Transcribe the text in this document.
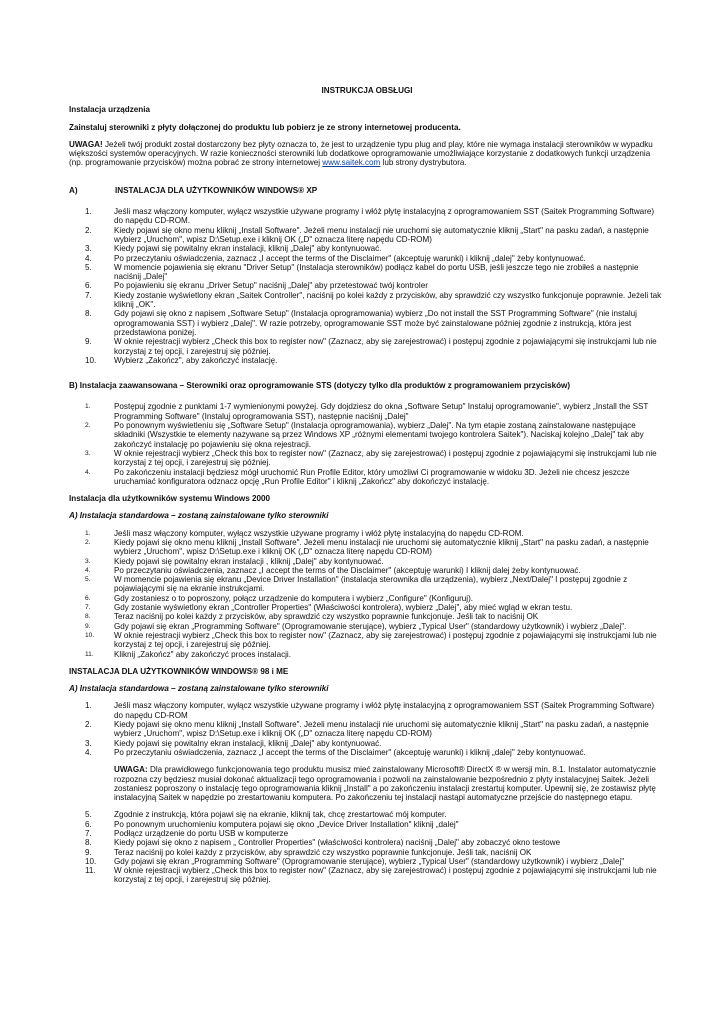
INSTRUKCJA OBSŁUGI
Instalacja urządzenia
Zainstaluj sterowniki z płyty dołączonej do produktu lub pobierz je ze strony internetowej producenta.
UWAGA! Jeżeli twój produkt został dostarczony bez płyty oznacza to, że jest to urządzenie typu plug and play, które nie wymaga instalacji sterowników w wypadku większości systemów operacyjnych. W razie konieczności sterowniki lub dodatkowe oprogramowanie umożliwiające korzystanie z dodatkowych funkcji urządzenia (np. programowanie przycisków) można pobrać ze strony internetowej www.saitek.com lub strony dystrybutora.
A)	INSTALACJA DLA UŻYTKOWNIKÓW WINDOWS® XP
1.	Jeśli masz włączony komputer, wyłącz wszystkie używane programy i włóż płytę instalacyjną z oprogramowaniem SST (Saitek Programming Software) do napędu CD-ROM.
2.	Kiedy pojawi się okno menu kliknij „Install Software". Jeżeli menu instalacji nie uruchomi się automatycznie kliknij „Start" na pasku zadań, a następnie wybierz „Uruchom", wpisz D:\Setup.exe i kliknij OK („D" oznacza literę napędu CD-ROM)
3.	Kiedy pojawi się powitalny ekran instalacji, kliknij „Dalej" aby kontynuować.
4.	Po przeczytaniu oświadczenia, zaznacz „I accept the terms of the Disclaimer" (akceptuję warunki) i kliknij „dalej" żeby kontynuować.
5.	W momencie pojawienia się ekranu "Driver Setup" (Instalacja sterowników) podłącz kabel do portu USB, jeśli jeszcze tego nie zrobiłeś a następnie naciśnij „Dalej"
6.	Po pojawieniu się ekranu „Driver Setup" naciśnij „Dalej" aby przetestować twój kontroler
7.	Kiedy zostanie wyświetlony ekran „Saitek Controller", naciśnij po kolei każdy z przycisków, aby sprawdzić czy wszystko funkcjonuje poprawnie. Jeżeli tak kliknij „OK".
8.	Gdy pojawi się okno z napisem „Software Setup" (Instalacja oprogramowania) wybierz „Do not install the SST Programming Software" (nie instaluj oprogramowania SST) i wybierz „Dalej". W razie potrzeby, oprogramowanie SST może być zainstalowane później zgodnie z instrukcją, która jest przedstawiona poniżej.
9.	W oknie rejestracji wybierz „Check this box to register now" (Zaznacz, aby się zarejestrować) i postępuj zgodnie z pojawiającymi się instrukcjami lub nie korzystaj z tej opcji, i zarejestruj się później.
10.	Wybierz „Zakończ", aby zakończyć instalację.
B) Instalacja zaawansowana – Sterowniki oraz oprogramowanie STS (dotyczy tylko dla produktów z programowaniem przycisków)
1.	Postępuj zgodnie z punktami 1-7 wymienionymi powyżej. Gdy dojdziesz do okna „Software Setup" Instaluj oprogramowanie", wybierz „Install the SST Programming Software" (Instaluj oprogramowania SST), następnie naciśnij „Dalej"
2.	Po ponownym wyświetleniu się „Software Setup" (Instalacja oprogramowania), wybierz „Dalej". Na tym etapie zostaną zainstalowane następujące składniki (Wszystkie te elementy nazywane są przez Windows XP „różnymi elementami twojego kontrolera Saitek"). Naciskaj kolejno „Dalej" tak aby zakończyć instalację po pojawieniu się okna rejestracji.
3.	W oknie rejestracji wybierz „Check this box to register now" (Zaznacz, aby się zarejestrować) i postępuj zgodnie z pojawiającymi się instrukcjami lub nie korzystaj z tej opcji, i zarejestruj się później.
4.	Po zakończeniu instalacji będziesz mógł uruchomić Run Profile Editor, który umożliwi Ci programowanie w widoku 3D. Jeżeli nie chcesz jeszcze uruchamiać konfiguratora odznacz opcję „Run Profile Editor" i kliknij „Zakończ" aby dokończyć instalację.
Instalacja dla użytkowników systemu Windows 2000
A) Instalacja standardowa – zostaną zainstalowane tylko sterowniki
1.	Jeśli masz włączony komputer, wyłącz wszystkie używane programy i włóż płytę instalacyjną do napędu CD-ROM.
2.	Kiedy pojawi się okno menu kliknij „Install Software". Jeżeli menu instalacji nie uruchomi się automatycznie kliknij „Start" na pasku zadań, a następnie wybierz „Uruchom", wpisz D:\Setup.exe i kliknij OK („D" oznacza literę napędu CD-ROM)
3.	Kiedy pojawi się powitalny ekran instalacji , kliknij „Dalej" aby kontynuować.
4.	Po przeczytaniu oświadczenia, zaznacz „I accept the terms of the Disclaimer" (akceptuję warunki) I kliknij dalej żeby kontynuować.
5.	W momencie pojawienia się ekranu „Device Driver Installation" (instalacja sterownika dla urządzenia), wybierz „Next/Dalej" I postępuj zgodnie z pojawiającymi się na ekranie instrukcjami.
6.	Gdy zostaniesz o to poproszony, połącz urządzenie do komputera i wybierz „Configure" (Konfiguruj).
7.	Gdy zostanie wyświetlony ekran „Controller Properties" (Właściwości kontrolera), wybierz „Dalej", aby mieć wgląd w ekran testu.
8.	Teraz naciśnij po kolei każdy z przycisków, aby sprawdzić czy wszystko poprawnie funkcjonuje. Jeśli tak to naciśnij OK
9.	Gdy pojawi się ekran „Programming Software" (Oprogramowanie sterujące), wybierz „Typical User" (standardowy użytkownik) i wybierz „Dalej".
10.	W oknie rejestracji wybierz „Check this box to register now" (Zaznacz, aby się zarejestrować) i postępuj zgodnie z pojawiającymi się instrukcjami lub nie korzystaj z tej opcji, i zarejestruj się później.
11.	Kliknij „Zakończ" aby zakończyć proces instalacji.
INSTALACJA DLA UŻYTKOWNIKÓW WINDOWS® 98 i ME
A) Instalacja standardowa – zostaną zainstalowane tylko sterowniki
1.	Jeśli masz włączony komputer, wyłącz wszystkie używane programy i włóż płytę instalacyjną z oprogramowaniem SST (Saitek Programming Software) do napędu CD-ROM
2.	Kiedy pojawi się okno menu kliknij „Install Software". Jeżeli menu instalacji nie uruchomi się automatycznie kliknij „Start" na pasku zadań, a następnie wybierz „Uruchom", wpisz D:\Setup.exe i kliknij OK („D" oznacza literę napędu CD-ROM)
3.	Kiedy pojawi się powitalny ekran instalacji, kliknij „Dalej" aby kontynuować.
4.	Po przeczytaniu oświadczenia, zaznacz „I accept the terms of the Disclaimer" (akceptuję warunki) i kliknij „dalej" żeby kontynuować.
UWAGA: Dla prawidłowego funkcjonowania tego produktu musisz mieć zainstalowany Microsoft® DirectX ® w wersji min. 8.1. Instalator automatycznie rozpozna czy będziesz musiał dokonać aktualizacji tego oprogramowania i pozwoli na zainstalowanie bezpośrednio z płyty instalacyjnej Saitek. Jeżeli zostaniesz poproszony o instalację tego oprogramowania kliknij „Install" a po zakończeniu instalacji zrestartuj komputer. Upewnij się, że zostawisz płytę instalacyjną Saitek w napędzie po zrestartowaniu komputera. Po zakończeniu tej instalacji nastąpi automatyczne przejście do następnego etapu.
5.	Zgodnie z instrukcją, która pojawi się na ekranie, kliknij tak, chcę zrestartować mój komputer.
6.	Po ponownym uruchomieniu komputera pojawi się okno „Device Driver Installation" kliknij „dalej"
7.	Podłącz urządzenie do portu USB w komputerze
8.	Kiedy pojawi się okno z napisem „ Controller Properties" (właściwości kontrolera) naciśnij „Dalej" aby zobaczyć okno testowe
9.	Teraz naciśnij po kolei każdy z przycisków, aby sprawdzić czy wszystko poprawnie funkcjonuje. Jeśli tak, naciśnij OK
10.	Gdy pojawi się ekran „Programming Software" (Oprogramowanie sterujące), wybierz „Typical User" (standardowy użytkownik) i wybierz „Dalej"
11.	W oknie rejestracji wybierz „Check this box to register now" (Zaznacz, aby się zarejestrować) i postępuj zgodnie z pojawiającymi się instrukcjami lub nie korzystaj z tej opcji, i zarejestruj się później.
